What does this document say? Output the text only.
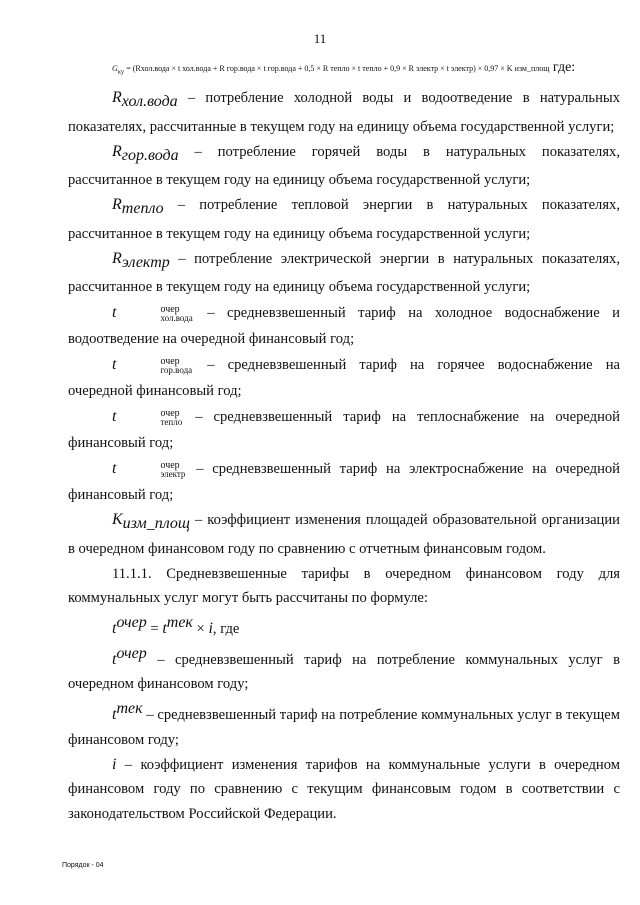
11
$G_{ку}$ = (Rхол.вода × t хол.вода + R гор.вода × t гор.вода + 0,5 × R тепло × t тепло + 0,9 × R электр × t электр) × 0,97 × K изм_площ где:

$R_{хол.вода}$ – потребление холодной воды и водоотведение в натуральных показателях, рассчитанные в текущем году на единицу объема государственной услуги;

$R_{гор.вода}$ – потребление горячей воды в натуральных показателях, рассчитанное в текущем году на единицу объема государственной услуги;

$R_{тепло}$ – потребление тепловой энергии в натуральных показателях, рассчитанное в текущем году на единицу объема государственной услуги;

$R_{электр}$ – потребление электрической энергии в натуральных показателях, рассчитанное в текущем году на единицу объема государственной услуги;

t	очер
хол.вода – средневзвешенный тариф на холодное водоснабжение и водоотведение на очередной финансовый год;

t	очер
гор.вода – средневзвешенный тариф на горячее водоснабжение на очередной финансовый год;

t	очер
тепло – средневзвешенный тариф на теплоснабжение на очередной финансовый год;

t	очер
электр – средневзвешенный тариф на электроснабжение на очередной финансовый год;

$K_{изм\_площ}$ – коэффициент изменения площадей образовательной организации в очередном финансовом году по сравнению с отчетным финансовым годом.

11.1.1. Средневзвешенные тарифы в очередном финансовом году для коммунальных услуг могут быть рассчитаны по формуле:

$t^{очер} = t^{тек} \times i$, где

$t^{очер}$ – средневзвешенный тариф на потребление коммунальных услуг в очередном финансовом году;

$t^{тек}$ – средневзвешенный тариф на потребление коммунальных услуг в текущем финансовом году;

i – коэффициент изменения тарифов на коммунальные услуги в очередном финансовом году по сравнению с текущим финансовым годом в соответствии с законодательством Российской Федерации.

Порядок - 04
